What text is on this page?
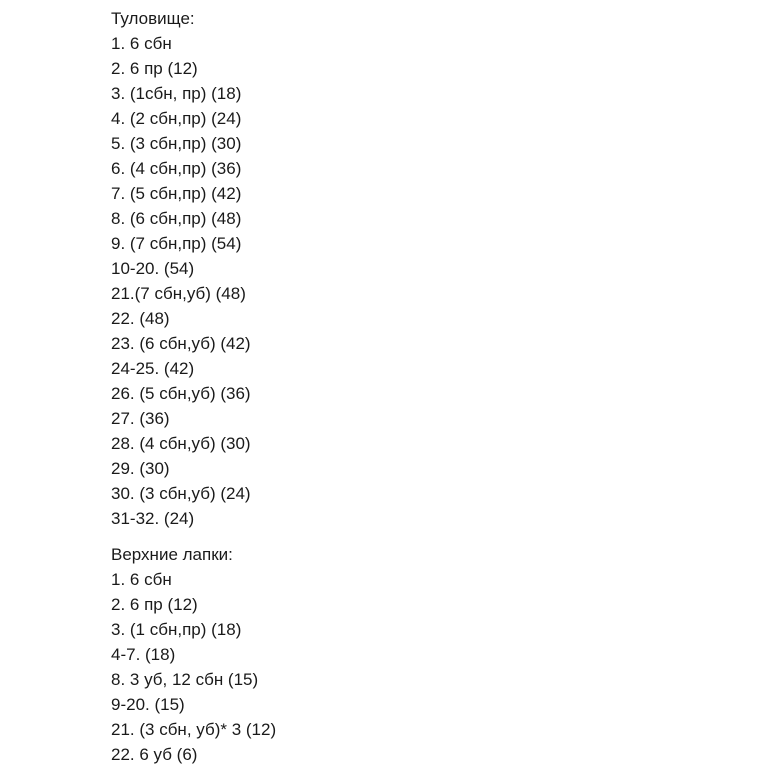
Туловище:
1. 6 сбн
2. 6 пр (12)
3. (1сбн, пр) (18)
4. (2 сбн,пр) (24)
5. (3 сбн,пр) (30)
6. (4 сбн,пр) (36)
7. (5 сбн,пр) (42)
8. (6 сбн,пр) (48)
9. (7 сбн,пр) (54)
10-20. (54)
21.(7 сбн,уб) (48)
22. (48)
23. (6 сбн,уб) (42)
24-25. (42)
26. (5 сбн,уб) (36)
27. (36)
28. (4 сбн,уб) (30)
29. (30)
30. (3 сбн,уб) (24)
31-32. (24)
Верхние лапки:
1. 6 сбн
2. 6 пр (12)
3. (1 сбн,пр) (18)
4-7. (18)
8. 3 уб, 12 сбн (15)
9-20. (15)
21. (3 сбн, уб)* 3 (12)
22. 6 уб (6)
